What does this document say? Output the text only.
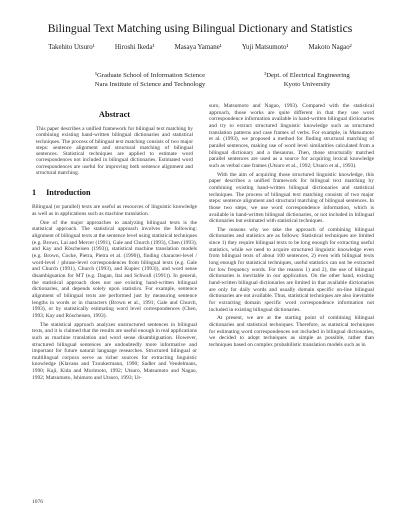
Bilingual Text Matching using Bilingual Dictionary and Statistics
Takehito Utsuro¹	Hiroshi Ikeda¹	Masaya Yamane¹	Yuji Matsumoto¹	Makoto Nagao²
¹Graduate School of Information Science
Nara Institute of Science and Technology
²Dept. of Electrical Engineering
Kyoto University
Abstract

This paper describes a unified framework for bilingual text matching by combining existing hand-written bilingual dictionaries and statistical techniques. The process of bilingual text matching consists of two major steps: sentence alignment and structural matching of bilingual sentences. Statistical techniques are applied to estimate word correspondences not included in bilingual dictionaries. Estimated word correspondences are useful for improving both sentence alignment and structural matching.

1 Introduction

Bilingual (or parallel) texts are useful as resources of linguistic knowledge as well as in applications such as machine translation.

One of the major approaches to analyzing bilingual texts is the statistical approach. The statistical approach involves the following: alignment of bilingual texts at the sentence level using statistical techniques (e.g. Brown, Lai and Mercer (1991), Gale and Church (1993), Chen (1993), and Kay and Röscheisen (1993)), statistical machine translation models (e.g. Brown, Cocke, Pietra, Pietra et al. (1990)), finding character-level / word-level / phrase-level correspondences from bilingual texts (e.g. Gale and Church (1991), Church (1993), and Kupiec (1993)), and word sense disambiguation for MT (e.g. Dagan, Itai and Schwall (1991)). In general, the statistical approach does not use existing hand-written bilingual dictionaries, and depends solely upon statistics. For example, sentence alignment of bilingual texts are performed just by measuring sentence lengths in words or in characters (Brown et al., 1991; Gale and Church, 1993), or by statistically estimating word level correspondences (Chen, 1993; Kay and Röscheisen, 1993).

The statistical approach analyzes unstructured sentences in bilingual texts, and it is claimed that the results are useful enough in real applications such as machine translation and word sense disambiguation. However, structured bilingual sentences are undoubtedly more informative and important for future natural language researches. Structured bilingual or multilingual corpora serve as richer sources for extracting linguistic knowledge (Klavans and Tzoukermann, 1990; Sadler and Vendelmans, 1990; Kaji, Kida and Morimoto, 1992; Utsuro, Matsumoto and Nagao, 1992; Matsumoto, Ishimoto and Utsuro, 1993; Ut-

suro, Matsumoto and Nagao, 1993). Compared with the statistical approach, those works are quite different in that they use word correspondence information available in hand-written bilingual dictionaries and try to extract structured linguistic knowledge such as structured translation patterns and case frames of verbs. For example, in Matsumoto et al. (1993), we proposed a method for finding structural matching of parallel sentences, making use of word level similarities calculated from a bilingual dictionary and a thesaurus. Then, those structurally matched parallel sentences are used as a source for acquiring lexical knowledge such as verbal case frames (Utsuro et al., 1992; Utsuro et al., 1993).

With the aim of acquiring those structured linguistic knowledge, this paper describes a unified framework for bilingual text matching by combining existing hand-written bilingual dictionaries and statistical techniques. The process of bilingual text matching consists of two major steps: sentence alignment and structural matching of bilingual sentences. In those two steps, we use word correspondence information, which is available in hand-written bilingual dictionaries, or not included in bilingual dictionaries but estimated with statistical techniques.

The reasons why we take the approach of combining bilingual dictionaries and statistics are as follows: Statistical techniques are limited since 1) they require bilingual texts to be long enough for extracting useful statistics, while we need to acquire structured linguistic knowledge even from bilingual texts of about 100 sentences, 2) even with bilingual texts long enough for statistical techniques, useful statistics can not be extracted for low frequency words. For the reasons 1) and 2), the use of bilingual dictionaries is inevitable in our application. On the other hand, existing hand-written bilingual dictionaries are limited in that available dictionaries are only for daily words and usually domain specific on-line bilingual dictionaries are not available. Thus, statistical techniques are also inevitable for extracting domain specific word correspondence information not included in existing bilingual dictionaries.

At present, we are at the starting point of combining bilingual dictionaries and statistical techniques. Therefore, as statistical techniques for estimating word correspondences not included in bilingual dictionaries, we decided to adopt techniques as simple as possible, rather than techniques based on complex probabilistic translation models such as in

1076
